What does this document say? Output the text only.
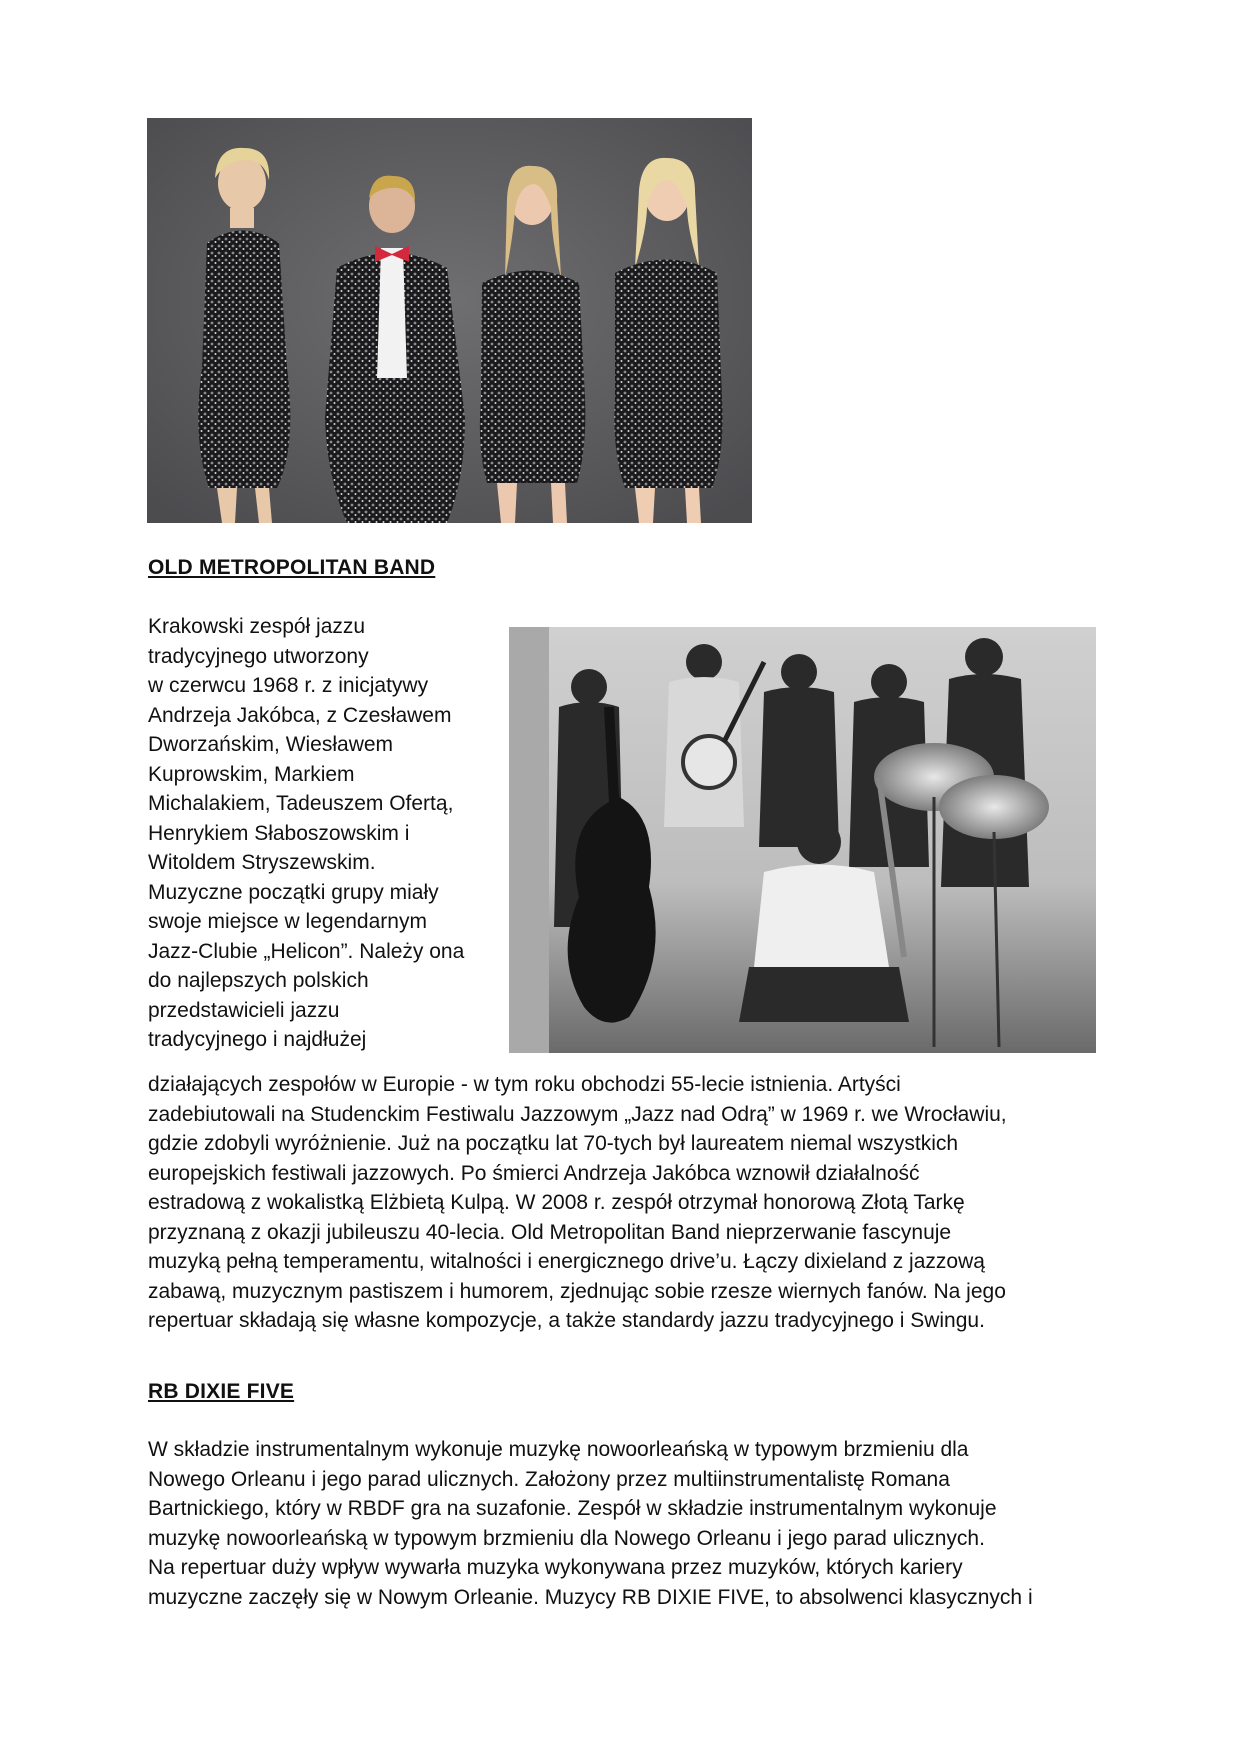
OLD METROPOLITAN BAND

Krakowski zespół jazzu
tradycyjnego utworzony
w czerwcu 1968 r. z inicjatywy
Andrzeja Jakóbca, z Czesławem
Dworzańskim, Wiesławem
Kuprowskim, Markiem
Michalakiem, Tadeuszem Ofertą,
Henrykiem Słaboszowskim i
Witoldem Stryszewskim.
Muzyczne początki grupy miały
swoje miejsce w legendarnym
Jazz-Clubie „Helicon”. Należy ona
do najlepszych polskich
przedstawicieli jazzu
tradycyjnego i najdłużej

działających zespołów w Europie - w tym roku obchodzi 55-lecie istnienia. Artyści
zadebiutowali na Studenckim Festiwalu Jazzowym „Jazz nad Odrą” w 1969 r. we Wrocławiu,
gdzie zdobyli wyróżnienie. Już na początku lat 70-tych był laureatem niemal wszystkich
europejskich festiwali jazzowych. Po śmierci Andrzeja Jakóbca wznowił działalność
estradową z wokalistką Elżbietą Kulpą. W 2008 r. zespół otrzymał honorową Złotą Tarkę
przyznaną z okazji jubileuszu 40-lecia. Old Metropolitan Band nieprzerwanie fascynuje
muzyką pełną temperamentu, witalności i energicznego drive’u. Łączy dixieland z jazzową
zabawą, muzycznym pastiszem i humorem, zjednując sobie rzesze wiernych fanów. Na jego
repertuar składają się własne kompozycje, a także standardy jazzu tradycyjnego i Swingu.

RB DIXIE FIVE

W składzie instrumentalnym wykonuje muzykę nowoorleańską w typowym brzmieniu dla
Nowego Orleanu i jego parad ulicznych. Założony przez multiinstrumentalistę Romana
Bartnickiego, który w RBDF gra na suzafonie. Zespół w składzie instrumentalnym wykonuje
muzykę nowoorleańską w typowym brzmieniu dla Nowego Orleanu i jego parad ulicznych.
Na repertuar duży wpływ wywarła muzyka wykonywana przez muzyków, których kariery
muzyczne zaczęły się w Nowym Orleanie. Muzycy RB DIXIE FIVE, to absolwenci klasycznych i
